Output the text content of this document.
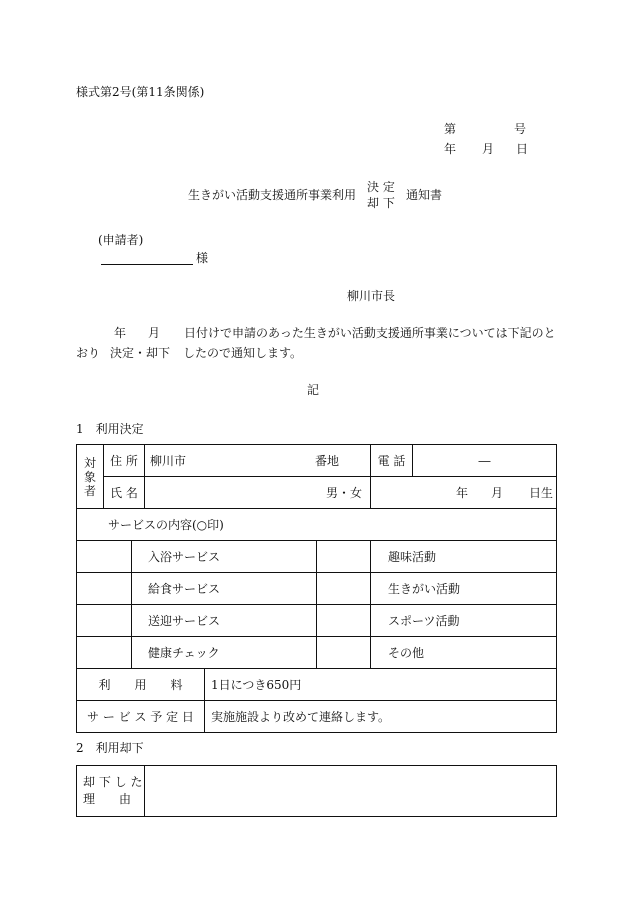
様式第2号(第11条関係)
第	号
年 月 日
生きがい活動支援通所事業利用
決 定
却 下
通知書
(申請者)
様
柳川市長
年 月 日付けで申請のあった生きがい活動支援通所事業については下記のと
おり 決定・却下 したので通知します。
記
1　利用決定
対
象
者
住 所	柳川市	番地	電 話	―
氏 名	男・女	年 月 日生
サービスの内容(○印)
入浴サービス	趣味活動
給食サービス	生きがい活動
送迎サービス	スポーツ活動
健康チェック	その他
利　　用　　料	1日につき650円
サ ー ビ ス 予 定 日	実施施設より改めて連絡します。
2　利用却下
却 下 し た
理　　由
